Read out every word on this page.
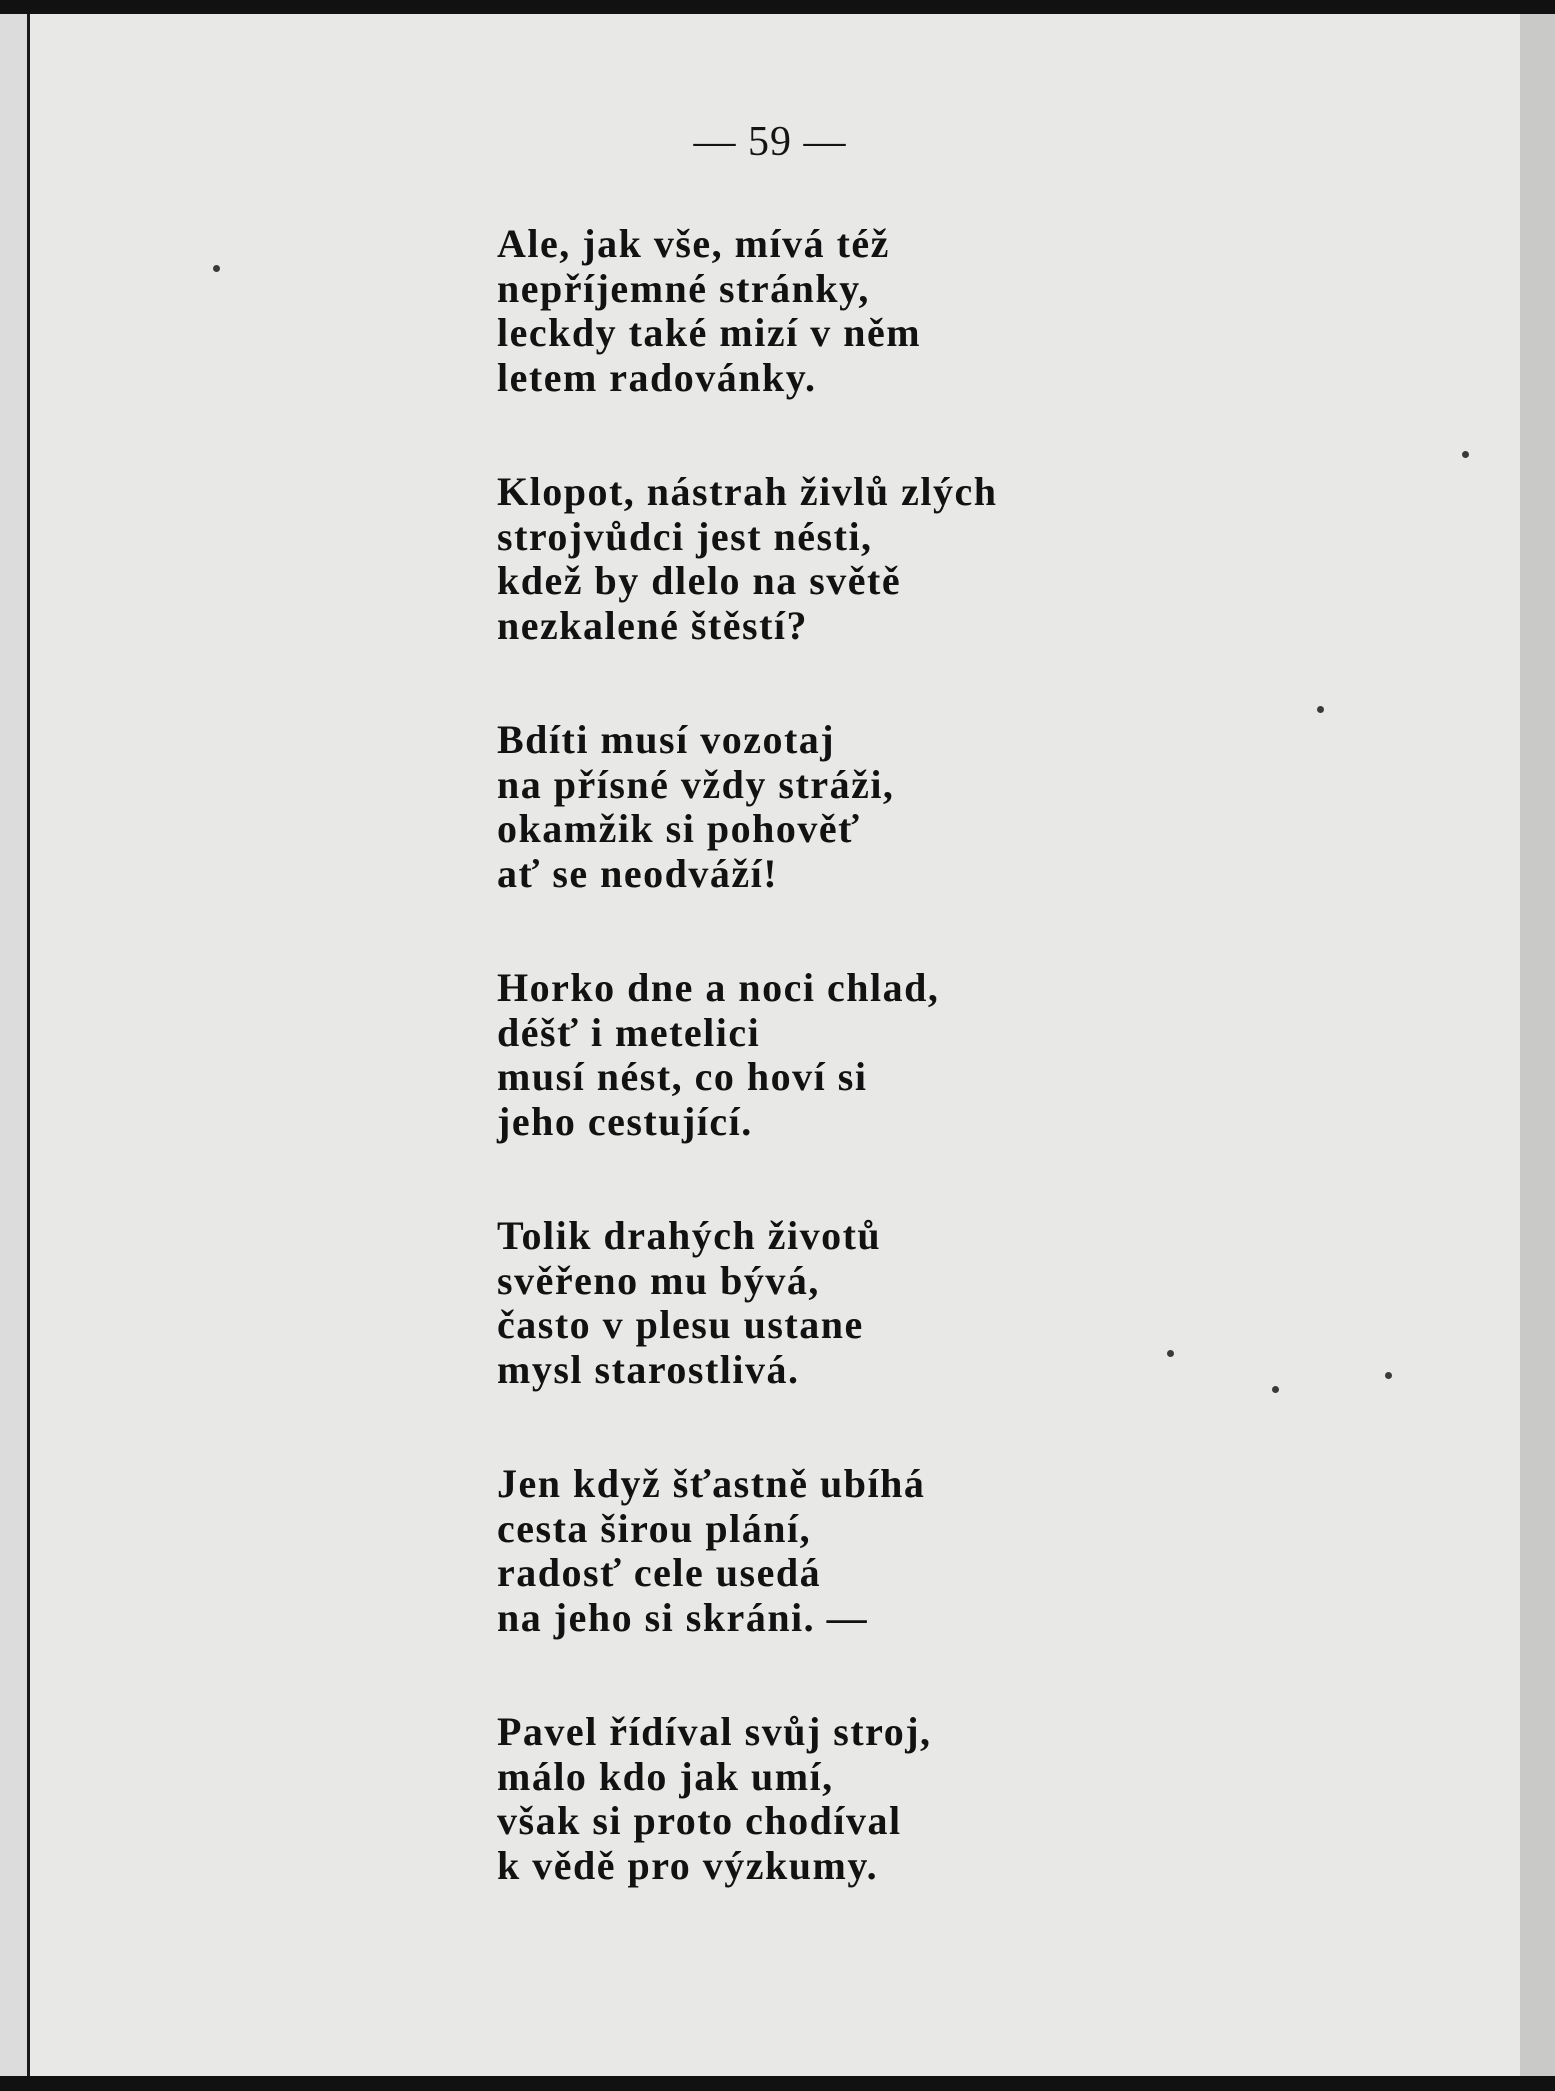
— 59 —
Ale, jak vše, mívá též
nepříjemné stránky,
leckdy také mizí v něm
letem radovánky.
Klopot, nástrah živlů zlých
strojvůdci jest nésti,
kdež by dlelo na světě
nezkalené štěstí?
Bdíti musí vozotaj
na přísné vždy stráži,
okamžik si pohověť
ať se neodváží!
Horko dne a noci chlad,
déšť i metelici
musí nést, co hoví si
jeho cestující.
Tolik drahých životů
svěřeno mu bývá,
často v plesu ustane
mysl starostlivá.
Jen když šťastně ubíhá
cesta širou plání,
radosť cele usedá
na jeho si skráni. —
Pavel řídíval svůj stroj,
málo kdo jak umí,
však si proto chodíval
k vědě pro výzkumy.
